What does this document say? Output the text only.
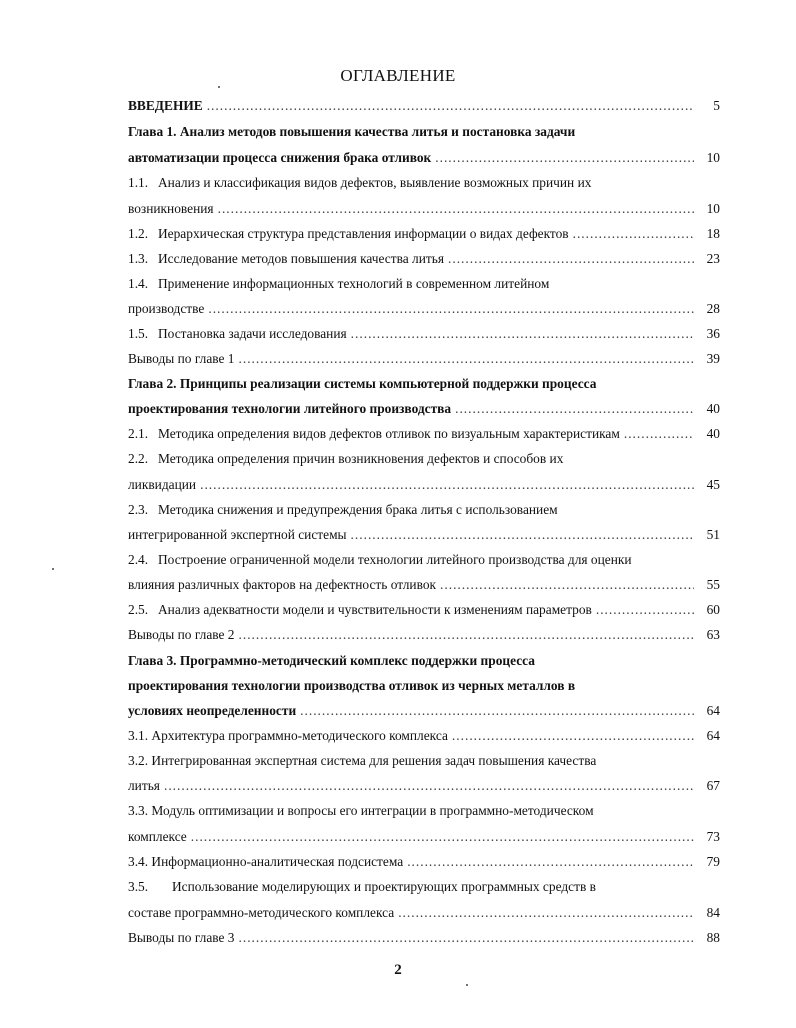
ОГЛАВЛЕНИЕ
ВВЕДЕНИЕ .....	5
Глава 1. Анализ методов повышения качества литья и постановка задачи
автоматизации процесса снижения брака отливок .....	10
1.1. Анализ и классификация видов дефектов, выявление возможных причин их
возникновения .....	10
1.2. Иерархическая структура представления информации о видах дефектов .....	18
1.3. Исследование методов повышения качества литья .....	23
1.4. Применение информационных технологий в современном литейном
производстве .....	28
1.5. Постановка задачи исследования .....	36
Выводы по главе 1 .....	39
Глава 2. Принципы реализации системы компьютерной поддержки процесса
проектирования технологии литейного производства .....	40
2.1. Методика определения видов дефектов отливок по визуальным характеристикам .....	40
2.2. Методика определения причин возникновения дефектов и способов их
ликвидации .....	45
2.3. Методика снижения и предупреждения брака литья с использованием
интегрированной экспертной системы .....	51
2.4. Построение ограниченной модели технологии литейного производства для оценки
влияния различных факторов на дефектность отливок .....	55
2.5. Анализ адекватности модели и чувствительности к изменениям параметров .....	60
Выводы по главе 2 .....	63
Глава 3. Программно-методический комплекс поддержки процесса
проектирования технологии производства отливок из черных металлов в
условиях неопределенности .....	64
3.1. Архитектура программно-методического комплекса .....	64
3.2. Интегрированная экспертная система для решения задач повышения качества
литья .....	67
3.3. Модуль оптимизации и вопросы его интеграции в программно-методическом
комплексе .....	73
3.4. Информационно-аналитическая подсистема .....	79
3.5. Использование моделирующих и проектирующих программных средств в
составе программно-методического комплекса .....	84
Выводы по главе 3 .....	88
2
